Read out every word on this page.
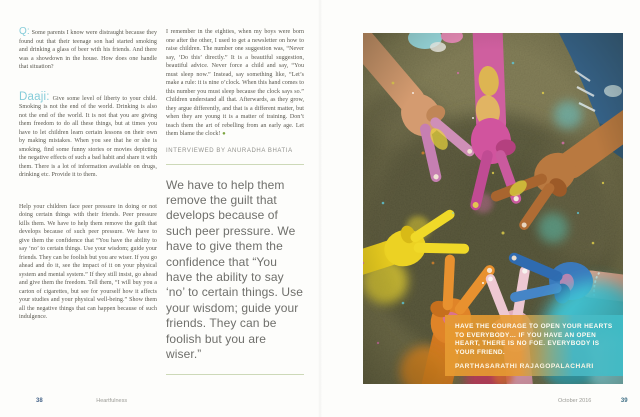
Q: Some parents I know were distraught because they found out that their teenage son had started smoking and drinking a glass of beer with his friends. And there was a showdown in the house. How does one handle that situation?

Daaji: Give some level of liberty to your child. Smoking is not the end of the world. Drinking is also not the end of the world. It is not that you are giving them freedom to do all these things, but at times you have to let children learn certain lessons on their own by making mistakes. When you see that he or she is smoking, find some funny stories or movies depicting the negative effects of such a bad habit and share it with them. There is a lot of information available on drugs, drinking etc. Provide it to them.

Help your children face peer pressure in doing or not doing certain things with their friends. Peer pressure kills them. We have to help them remove the guilt that develops because of such peer pressure. We have to give them the confidence that “You have the ability to say ‘no’ to certain things. Use your wisdom; guide your friends. They can be foolish but you are wiser. If you go ahead and do it, see the impact of it on your physical system and mental system.” If they still insist, go ahead and give them the freedom. Tell them, “I will buy you a carton of cigarettes, but see for yourself how it affects your studies and your physical well-being.” Show them all the negative things that can happen because of such indulgence.

I remember in the eighties, when my boys were born one after the other, I used to get a newsletter on how to raise children. The number one suggestion was, “Never say, ‘Do this’ directly.” It is a beautiful suggestion, beautiful advice. Never force a child and say, “You must sleep now.” Instead, say something like, “Let’s make a rule: it is nine o’clock. When this hand comes to this number you must sleep because the clock says so.” Children understand all that. Afterwards, as they grow, they argue differently, and that is a different matter, but when they are young it is a matter of training. Don’t teach them the art of rebelling from an early age. Let them blame the clock! ●

INTERVIEWED BY ANURADHA BHATIA

We have to help them remove the guilt that develops because of such peer pressure. We have to give them the confidence that “You have the ability to say ‘no’ to certain things. Use your wisdom; guide your friends. They can be foolish but you are wiser.”

38	Heartfulness

HAVE THE COURAGE TO OPEN YOUR HEARTS TO EVERYBODY… IF YOU HAVE AN OPEN HEART, THERE IS NO FOE. EVERYBODY IS YOUR FRIEND.

PARTHASARATHI RAJAGOPALACHARI

October 2016	39
